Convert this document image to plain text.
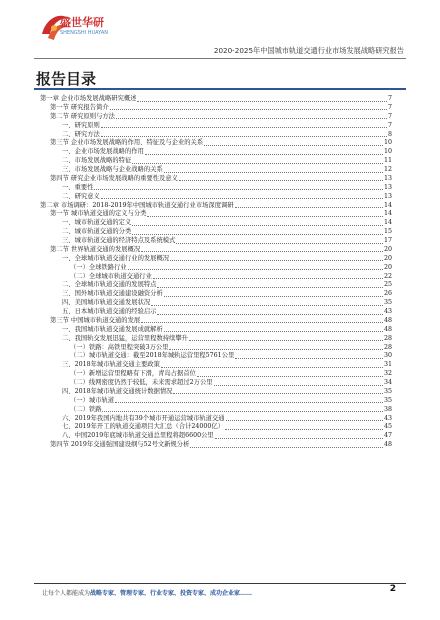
盛世华研
SHENGSHI HUAYAN
2020-2025年中国城市轨道交通行业市场发展战略研究报告
报告目录
第一章 企业市场发展战略研究概述	7
第一节 研究报告简介	7
第二节 研究原则与方法	7
一、研究原则	7
二、研究方法	8
第三节 企业市场发展战略的作用、特征及与企业的关系	10
一、企业市场发展战略的作用	10
二、市场发展战略的特征	11
三、市场发展战略与企业战略的关系	12
第四节 研究企业市场发展战略的重要性及意义	13
一、重要性	13
二、研究意义	13
第二章 市场调研：2018-2019年中国城市轨道交通行业市场深度调研	14
第一节 城市轨道交通的定义与分类	14
一、城市轨道交通的定义	14
二、城市轨道交通的分类	15
三、城市轨道交通的经济特点及系统模式	17
第二节 世界轨道交通的发展概况	20
一、全球城市轨道交通行业的发展概况	20
（一）全球铁路行业	20
（二）全球城市轨道交通行业	22
二、全球城市轨道交通的发展特点	25
三、国外城市轨道交通建设融资分析	26
四、美国城市轨道交通发展状况	35
五、日本城市轨道交通的经验启示	43
第三节 中国城市轨道交通的发展	48
一、我国城市轨道交通发展成就解析	48
二、我国轨交发展迅猛，运营里程数持续攀升	28
（一）铁路：高铁里程突破3万公里	28
（二）城市轨道交通：截至2018年城轨运营里程5761公里	30
三、2018年城市轨道交通主要政策	31
（一）新增运营里程略有下滑，青岛占据首位	32
（二）线网密度仍然于较低，未来需求超过2万公里	34
四、2018年城市轨道交通统计数据情况	35
（一）城市轨道	35
（二）铁路	38
六、2019年我国内地共有39个城市开通运营城市轨道交通	43
七、2019年开工的轨道交通项目大汇总（合计24000亿）	45
八、中国2019年底城市轨道交通总里程将超6600公里	47
第四节 2019年交通强国建设纲与52号文新规分析	48
让每个人都能成为战略专家、管理专家、行业专家、投资专家、成功企业家……	2
